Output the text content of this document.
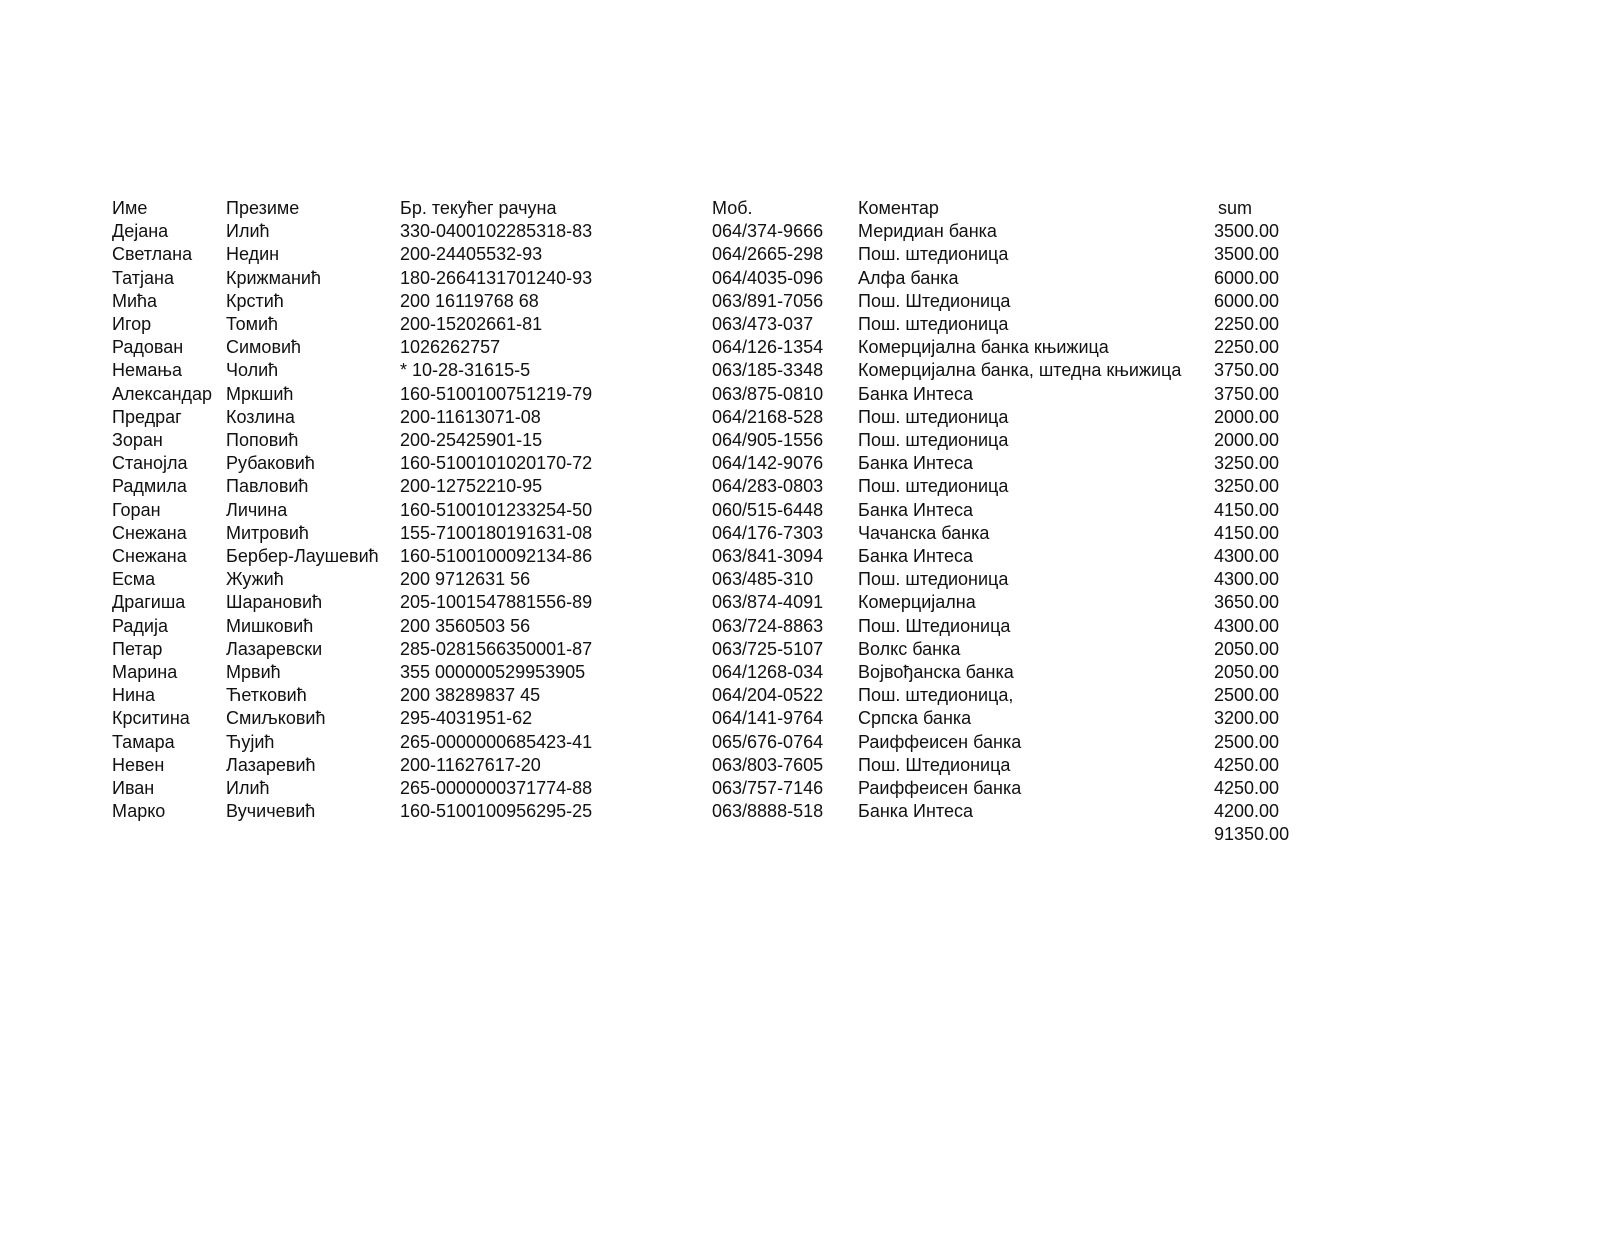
Име	Презиме	Бр. текућег рачуна	Моб.	Коментар	sum
Дејана	Илић	330-0400102285318-83	064/374-9666	Меридиан банка	3500.00
Светлана	Недин	200-24405532-93	064/2665-298	Пош. штедионица	3500.00
Татјана	Крижманић	180-2664131701240-93	064/4035-096	Алфа банка	6000.00
Мића	Крстић	200 16119768 68	063/891-7056	Пош. Штедионица	6000.00
Игор	Томић	200-15202661-81	063/473-037	Пош. штедионица	2250.00
Радован	Симовић	1026262757	064/126-1354	Комерцијална банка књижица	2250.00
Немања	Чолић	* 10-28-31615-5	063/185-3348	Комерцијална банка, штедна књижица	3750.00
Александар	Мркшић	160-5100100751219-79	063/875-0810	Банка Интеса	3750.00
Предраг	Козлина	200-11613071-08	064/2168-528	Пош. штедионица	2000.00
Зоран	Поповић	200-25425901-15	064/905-1556	Пош. штедионица	2000.00
Станојла	Рубаковић	160-5100101020170-72	064/142-9076	Банка Интеса	3250.00
Радмила	Павловић	200-12752210-95	064/283-0803	Пош. штедионица	3250.00
Горан	Личина	160-5100101233254-50	060/515-6448	Банка Интеса	4150.00
Снежана	Митровић	155-7100180191631-08	064/176-7303	Чачанска банка	4150.00
Снежана	Бербер-Лаушевић	160-5100100092134-86	063/841-3094	Банка Интеса	4300.00
Есма	Жужић	200 9712631 56	063/485-310	Пош. штедионица	4300.00
Драгиша	Шарановић	205-1001547881556-89	063/874-4091	Комерцијална	3650.00
Радија	Мишковић	200 3560503 56	063/724-8863	Пош. Штедионица	4300.00
Петар	Лазаревски	285-0281566350001-87	063/725-5107	Волкс банка	2050.00
Марина	Мрвић	355 000000529953905	064/1268-034	Војвођанска банка	2050.00
Нина	Ћетковић	200 38289837 45	064/204-0522	Пош. штедионица,	2500.00
Крситина	Смиљковић	295-4031951-62	064/141-9764	Српска банка	3200.00
Тамара	Ћујић	265-0000000685423-41	065/676-0764	Раиффеисен банка	2500.00
Невен	Лазаревић	200-11627617-20	063/803-7605	Пош. Штедионица	4250.00
Иван	Илић	265-0000000371774-88	063/757-7146	Раиффеисен банка	4250.00
Марко	Вучичевић	160-5100100956295-25	063/8888-518	Банка Интеса	4200.00
					91350.00
